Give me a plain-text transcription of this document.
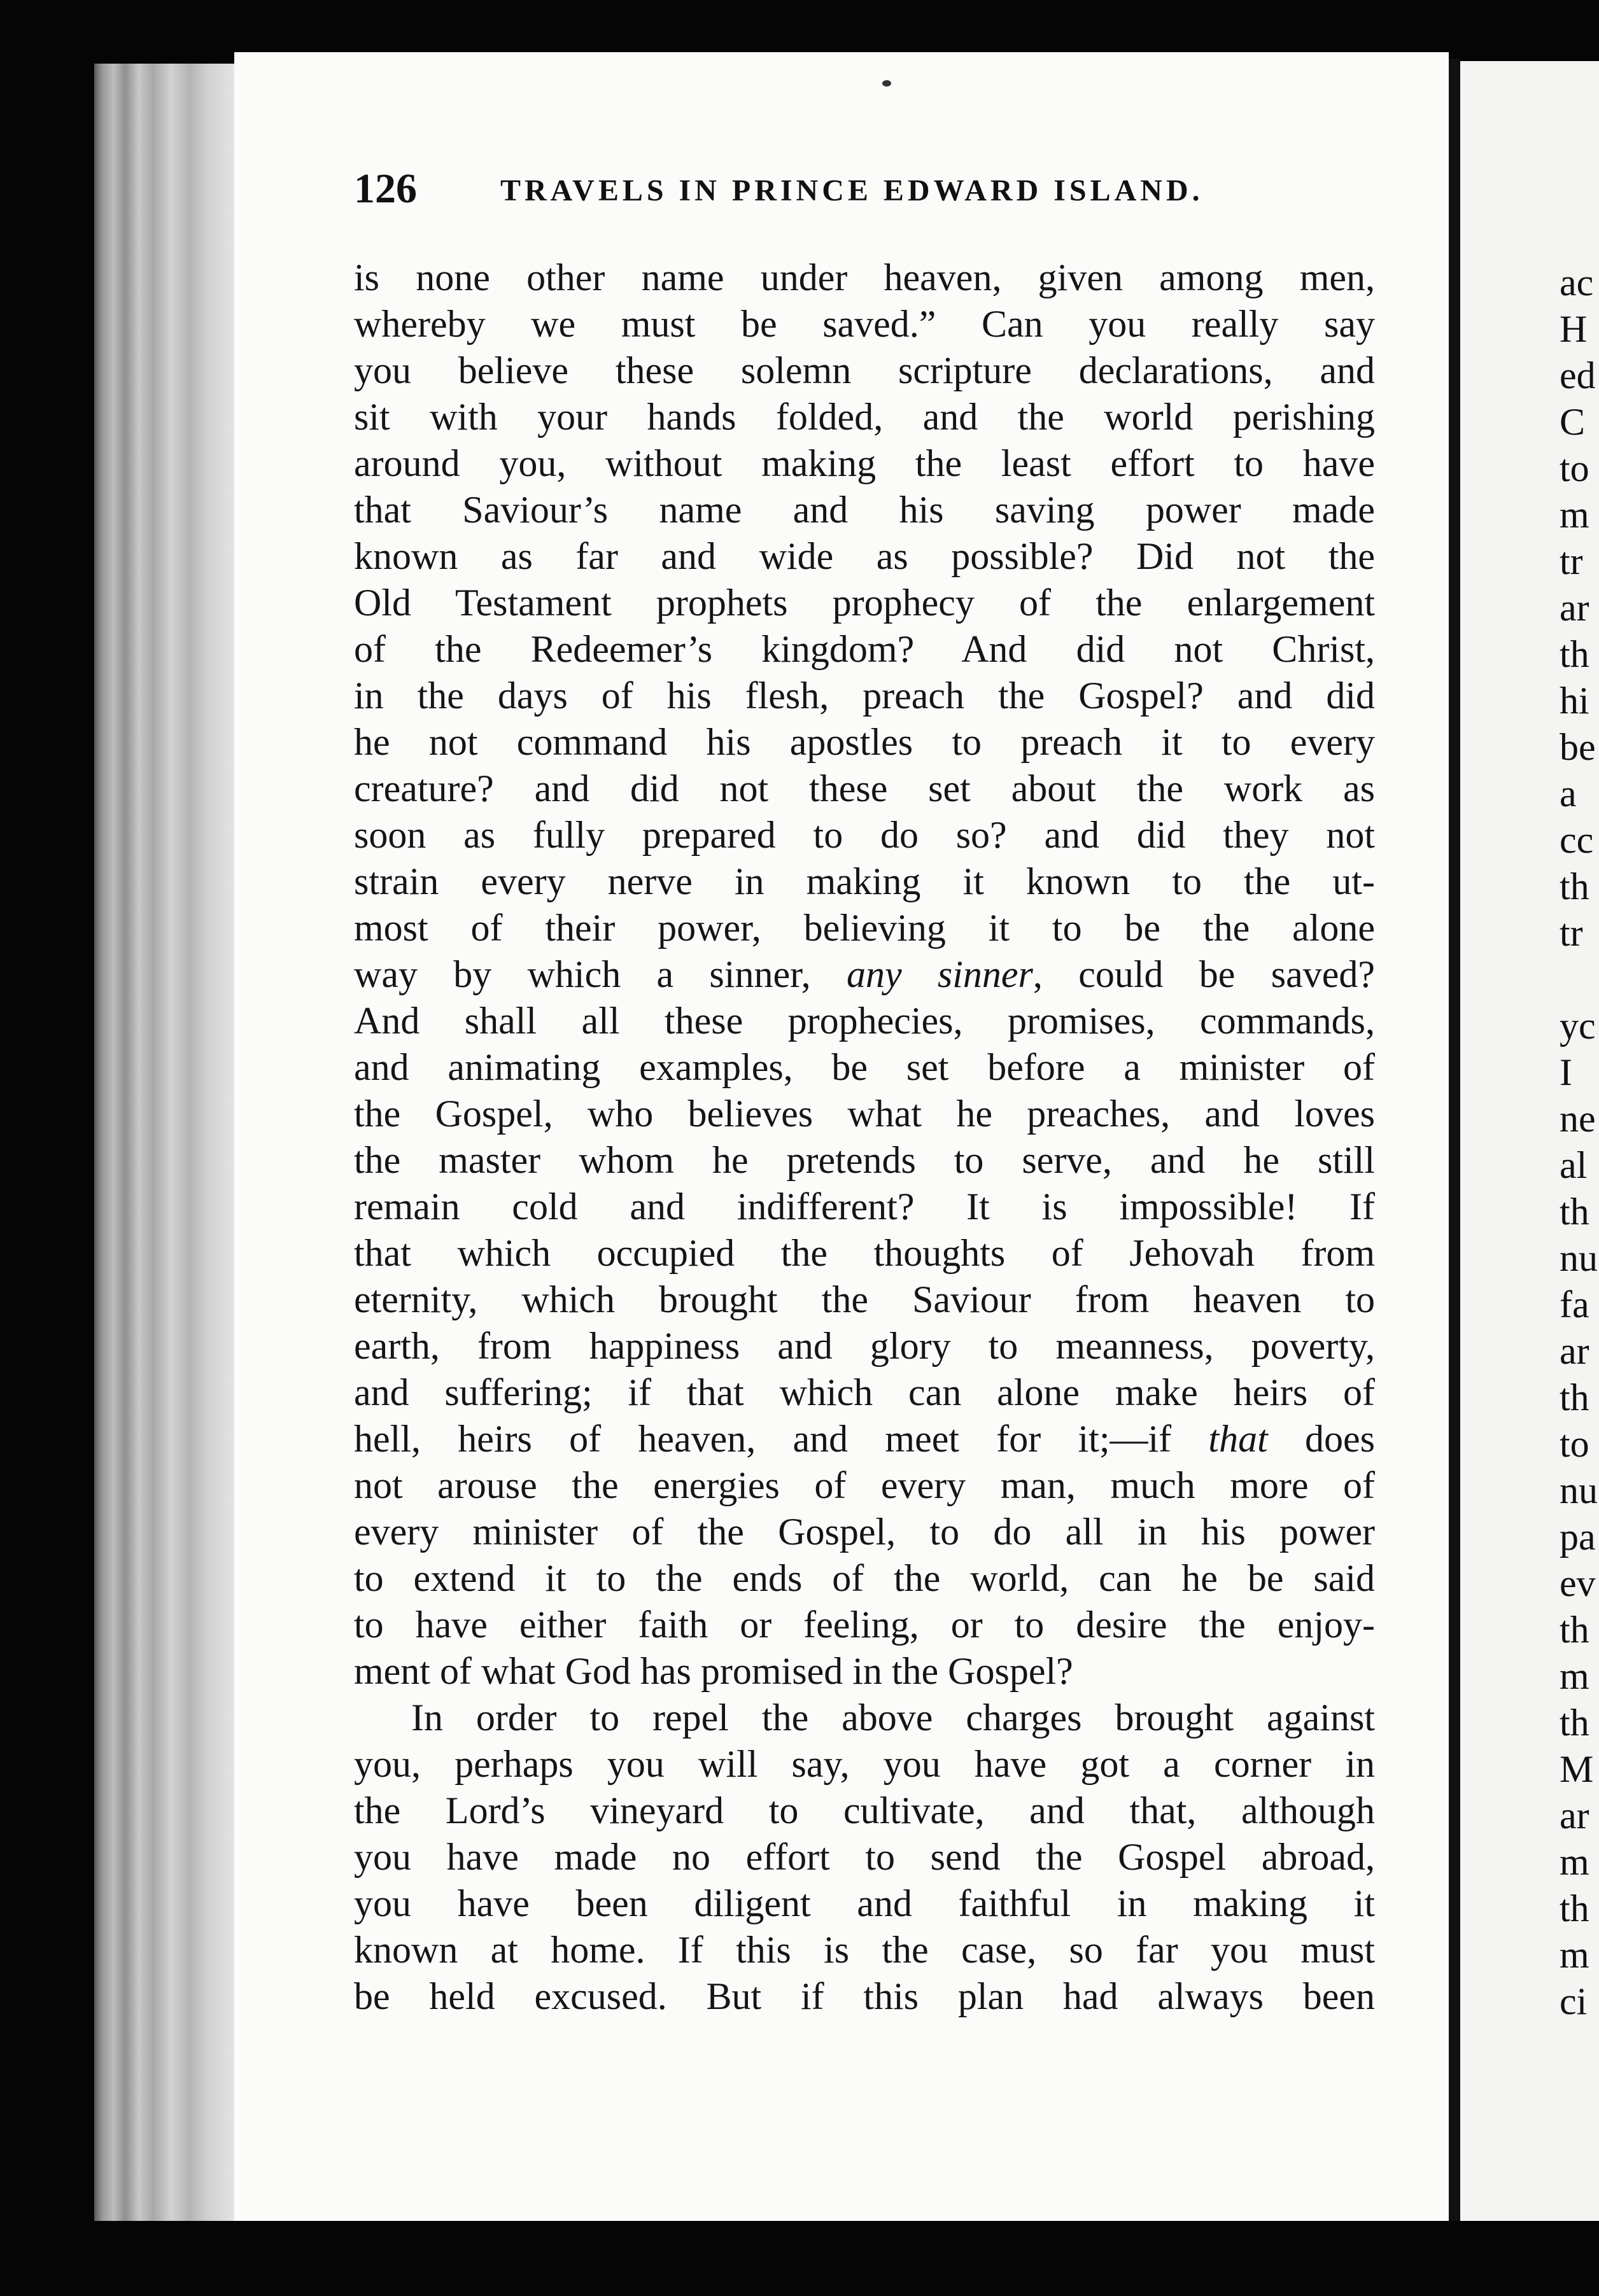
ac
H
ed
C
to
m
tr
ar
th
hi
be
a
cc
th
tr
yc
I
ne
al
th
nu
fa
ar
th
to
nu
pa
ev
th
m
th
M
ar
m
th
m
ci
126	TRAVELS IN PRINCE EDWARD ISLAND.
is none other name under heaven, given among men,
whereby we must be saved.” Can you really say
you believe these solemn scripture declarations, and
sit with your hands folded, and the world perishing
around you, without making the least effort to have
that Saviour’s name and his saving power made
known as far and wide as possible? Did not the
Old Testament prophets prophecy of the enlargement
of the Redeemer’s kingdom? And did not Christ,
in the days of his flesh, preach the Gospel? and did
he not command his apostles to preach it to every
creature? and did not these set about the work as
soon as fully prepared to do so? and did they not
strain every nerve in making it known to the ut-
most of their power, believing it to be the alone
way by which a sinner, any sinner, could be saved?
And shall all these prophecies, promises, commands,
and animating examples, be set before a minister of
the Gospel, who believes what he preaches, and loves
the master whom he pretends to serve, and he still
remain cold and indifferent? It is impossible! If
that which occupied the thoughts of Jehovah from
eternity, which brought the Saviour from heaven to
earth, from happiness and glory to meanness, poverty,
and suffering; if that which can alone make heirs of
hell, heirs of heaven, and meet for it;—if that does
not arouse the energies of every man, much more of
every minister of the Gospel, to do all in his power
to extend it to the ends of the world, can he be said
to have either faith or feeling, or to desire the enjoy-
ment of what God has promised in the Gospel?
In order to repel the above charges brought against
you, perhaps you will say, you have got a corner in
the Lord’s vineyard to cultivate, and that, although
you have made no effort to send the Gospel abroad,
you have been diligent and faithful in making it
known at home. If this is the case, so far you must
be held excused. But if this plan had always been
